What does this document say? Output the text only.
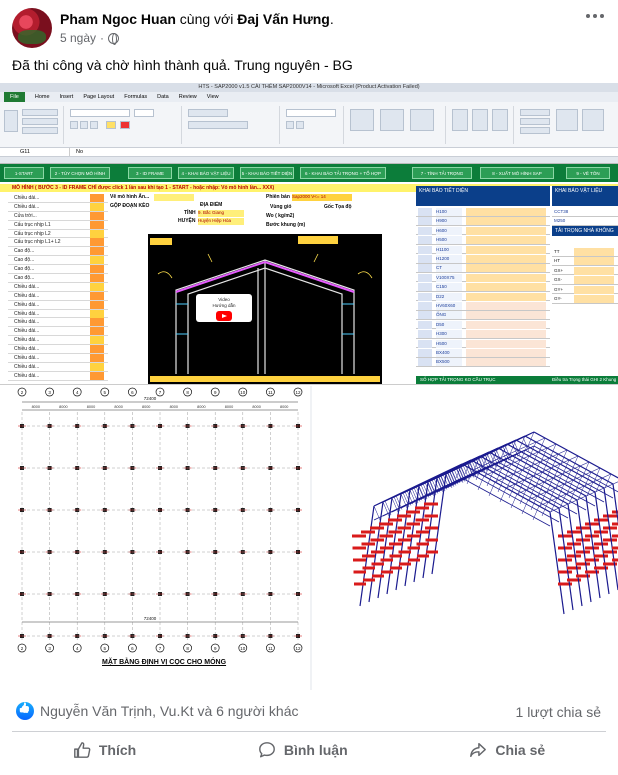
Pham Ngoc Huan cùng với Đaj Vấn Hưng.
5 ngày ·
Đã thi công và chờ hình thành quả. Trung nguyên - BG
HTS - SAP2000 v1.5 CÀI THÊM SAP2000V14 - Microsoft Excel (Product Activation Failed)
File	Home Insert Page Layout Formulas Data Review View
G11	No
1-START	2 - TÙY CHỌN MÔ HÌNH	3 - ID FRAME	4 - KHAI BÁO VẬT LIỆU	5 - KHAI BÁO TIẾT DIỆN	6 - KHAI BÁO TẢI TRỌNG + TỔ HỢP	7 - TÍNH TẢI TRỌNG	8 - XUẤT MÔ HÌNH SAP	9 - VẼ TÔN
MÔ HÌNH ( BƯỚC 3 - ID FRAME CHỈ được click 1 lần sau khi tạo 1 - START - hoặc nhập: Vỏ mô hình lần... XXX)
Chiều dài...
Chiều dài...
Cửa trời...
Cấu trục nhịp L1
Cấu trục nhịp L2
Cấu trục nhịp L1+ L2
Cao độ...
Cao độ...
Cao độ...
Cao độ...
Chiều dài...
Chiều dài...
Chiều dài...
Chiều dài...
Chiều dài...
Chiều dài...
Chiều dài...
Chiều dài...
Chiều dài...
Chiều dài...
Chiều dài...
Vẽ mô hình Ấn...
GỘP ĐOẠN KÈO	ĐỊA ĐIỂM
TỈNH 9. Bắc Giang
HUYỆN Huyện Hiệp Hòa
Phiên bản Sap2000 V<= 14
Vùng gió	Gốc Tọa độ
Wo ( kg/m2)
Bước khung (m)
Video
Hướng dẫn
KHAI BÁO TIẾT DIỆN	KHAI BÁO VẬT LIỆU
TẢI TRỌNG NHÀ KHÔNG CẦU
H100
H900
H600
H500
H1100
H1200
CT
V100X75
C150
D22
HV60X60
ỐNG
D50
H300
H500
BX400
BX500
CCT38
M250
TT
HT
GX+
GX-
GY+
GY-
SỐ HỢP TẢI TRỌNG KO CẦU TRỤC	Điều tra Trọng thái GHI 2 Khung
72400
72400
2
2
8000
3
3
8000
4
4
8000
5
5
8000
6
6
8000
7
7
8000
8
8
8000
9
9
8000
10
10
8000
11
11
8000
12
12
MẶT BẰNG ĐỊNH VỊ CỌC CHO MÓNG
👍
Nguyễn Văn Trịnh, Vu.Kt và 6 người khác	1 lượt chia sẻ
Thích	Bình luận	Chia sẻ
